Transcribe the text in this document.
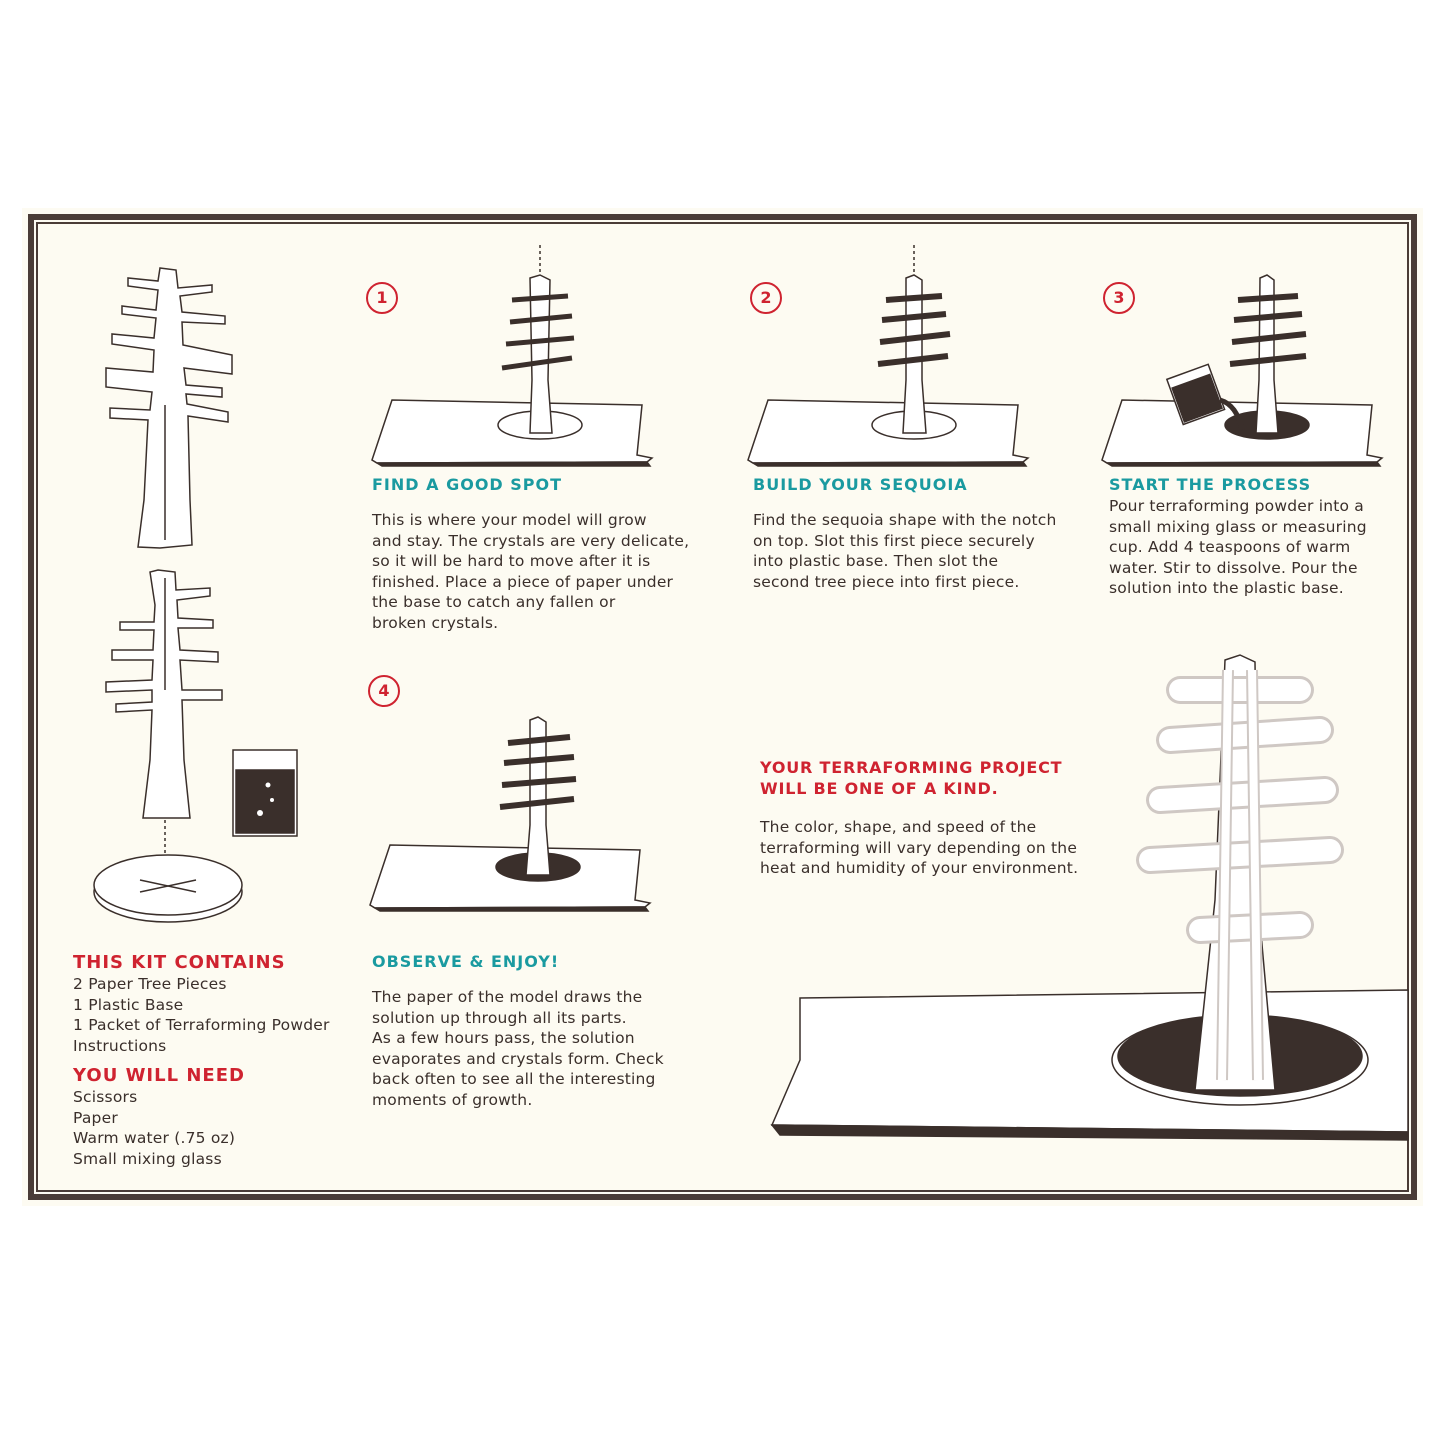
1	2	3
4
FIND A GOOD SPOT	BUILD YOUR SEQUOIA	START THE PROCESS
OBSERVE & ENJOY!
This is where your model will grow
and stay. The crystals are very delicate,
so it will be hard to move after it is
finished. Place a piece of paper under
the base to catch any fallen or
broken crystals.
Find the sequoia shape with the notch
on top. Slot this first piece securely
into plastic base. Then slot the
second tree piece into first piece.
Pour terraforming powder into a
small mixing glass or measuring
cup. Add 4 teaspoons of warm
water. Stir to dissolve. Pour the
solution into the plastic base.
The paper of the model draws the
solution up through all its parts.
As a few hours pass, the solution
evaporates and crystals form. Check
back often to see all the interesting
moments of growth.
THIS KIT CONTAINS
2 Paper Tree Pieces
1 Plastic Base
1 Packet of Terraforming Powder
Instructions
YOU WILL NEED
Scissors
Paper
Warm water (.75 oz)
Small mixing glass
YOUR TERRAFORMING PROJECT
WILL BE ONE OF A KIND.
The color, shape, and speed of the
terraforming will vary depending on the
heat and humidity of your environment.
